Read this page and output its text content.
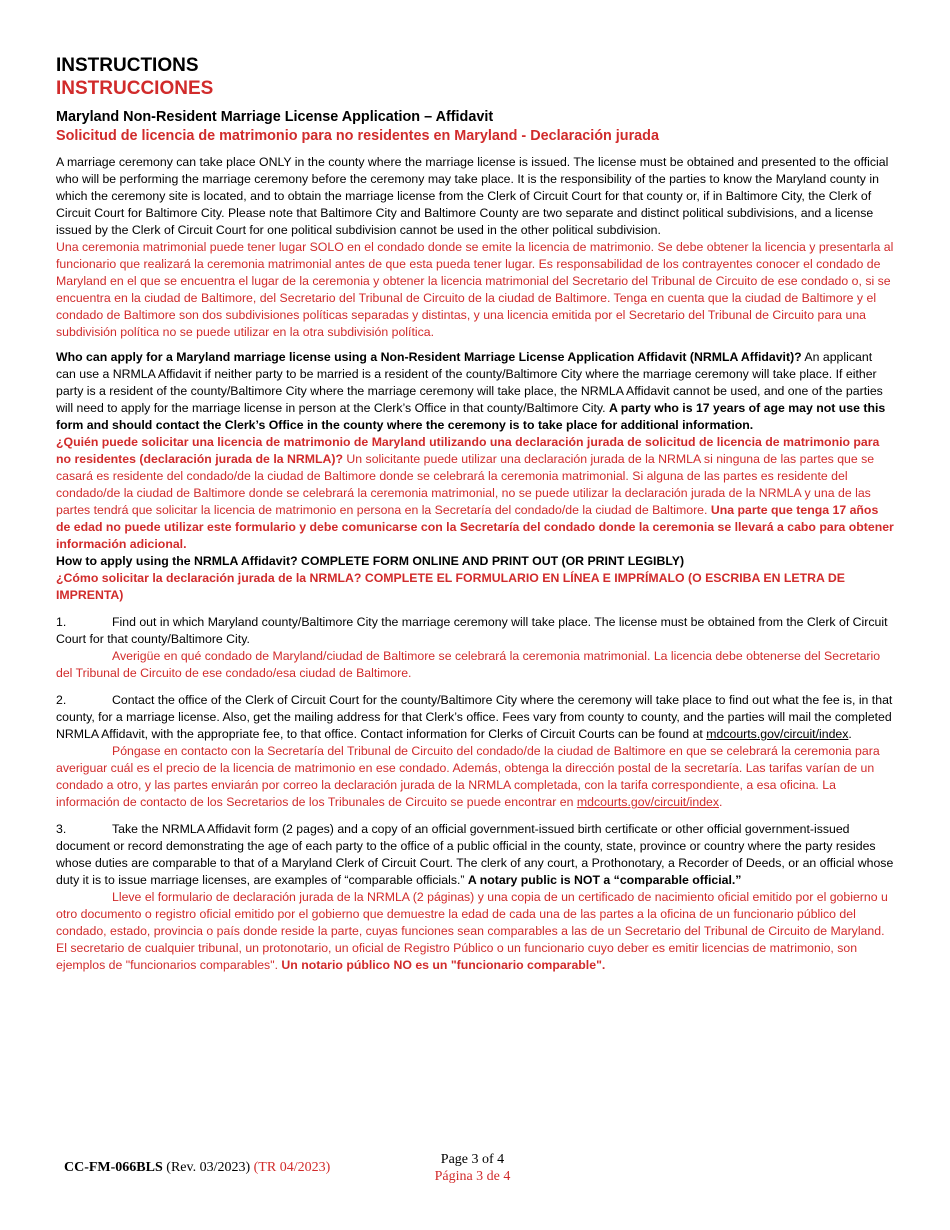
INSTRUCTIONS
INSTRUCCIONES
Maryland Non-Resident Marriage License Application – Affidavit
Solicitud de licencia de matrimonio para no residentes en Maryland - Declaración jurada

A marriage ceremony can take place ONLY in the county where the marriage license is issued. The license must be obtained and presented to the official who will be performing the marriage ceremony before the ceremony may take place. It is the responsibility of the parties to know the Maryland county in which the ceremony site is located, and to obtain the marriage license from the Clerk of Circuit Court for that county or, if in Baltimore City, the Clerk of Circuit Court for Baltimore City. Please note that Baltimore City and Baltimore County are two separate and distinct political subdivisions, and a license issued by the Clerk of Circuit Court for one political subdivision cannot be used in the other political subdivision.

Una ceremonia matrimonial puede tener lugar SOLO en el condado donde se emite la licencia de matrimonio. Se debe obtener la licencia y presentarla al funcionario que realizará la ceremonia matrimonial antes de que esta pueda tener lugar. Es responsabilidad de los contrayentes conocer el condado de Maryland en el que se encuentra el lugar de la ceremonia y obtener la licencia matrimonial del Secretario del Tribunal de Circuito de ese condado o, si se encuentra en la ciudad de Baltimore, del Secretario del Tribunal de Circuito de la ciudad de Baltimore. Tenga en cuenta que la ciudad de Baltimore y el condado de Baltimore son dos subdivisiones políticas separadas y distintas, y una licencia emitida por el Secretario del Tribunal de Circuito para una subdivisión política no se puede utilizar en la otra subdivisión política.

Who can apply for a Maryland marriage license using a Non-Resident Marriage License Application Affidavit (NRMLA Affidavit)? An applicant can use a NRMLA Affidavit if neither party to be married is a resident of the county/Baltimore City where the marriage ceremony will take place. If either party is a resident of the county/Baltimore City where the marriage ceremony will take place, the NRMLA Affidavit cannot be used, and one of the parties will need to apply for the marriage license in person at the Clerk’s Office in that county/Baltimore City. A party who is 17 years of age may not use this form and should contact the Clerk’s Office in the county where the ceremony is to take place for additional information.

¿Quién puede solicitar una licencia de matrimonio de Maryland utilizando una declaración jurada de solicitud de licencia de matrimonio para no residentes (declaración jurada de la NRMLA)? Un solicitante puede utilizar una declaración jurada de la NRMLA si ninguna de las partes que se casará es residente del condado/de la ciudad de Baltimore donde se celebrará la ceremonia matrimonial. Si alguna de las partes es residente del condado/de la ciudad de Baltimore donde se celebrará la ceremonia matrimonial, no se puede utilizar la declaración jurada de la NRMLA y una de las partes tendrá que solicitar la licencia de matrimonio en persona en la Secretaría del condado/de la ciudad de Baltimore. Una parte que tenga 17 años de edad no puede utilizar este formulario y debe comunicarse con la Secretaría del condado donde la ceremonia se llevará a cabo para obtener información adicional.

How to apply using the NRMLA Affidavit? COMPLETE FORM ONLINE AND PRINT OUT (OR PRINT LEGIBLY)

¿Cómo solicitar la declaración jurada de la NRMLA? COMPLETE EL FORMULARIO EN LÍNEA E IMPRÍMALO (O ESCRIBA EN LETRA DE IMPRENTA)

1.	Find out in which Maryland county/Baltimore City the marriage ceremony will take place. The license must be obtained from the Clerk of Circuit Court for that county/Baltimore City.

Averigüe en qué condado de Maryland/ciudad de Baltimore se celebrará la ceremonia matrimonial. La licencia debe obtenerse del Secretario del Tribunal de Circuito de ese condado/esa ciudad de Baltimore.

2.	Contact the office of the Clerk of Circuit Court for the county/Baltimore City where the ceremony will take place to find out what the fee is, in that county, for a marriage license. Also, get the mailing address for that Clerk’s office. Fees vary from county to county, and the parties will mail the completed NRMLA Affidavit, with the appropriate fee, to that office. Contact information for Clerks of Circuit Courts can be found at mdcourts.gov/circuit/index.

Póngase en contacto con la Secretaría del Tribunal de Circuito del condado/de la ciudad de Baltimore en que se celebrará la ceremonia para averiguar cuál es el precio de la licencia de matrimonio en ese condado. Además, obtenga la dirección postal de la secretaría. Las tarifas varían de un condado a otro, y las partes enviarán por correo la declaración jurada de la NRMLA completada, con la tarifa correspondiente, a esa oficina. La información de contacto de los Secretarios de los Tribunales de Circuito se puede encontrar en mdcourts.gov/circuit/index.

3.	Take the NRMLA Affidavit form (2 pages) and a copy of an official government-issued birth certificate or other official government-issued document or record demonstrating the age of each party to the office of a public official in the county, state, province or country where the party resides whose duties are comparable to that of a Maryland Clerk of Circuit Court. The clerk of any court, a Prothonotary, a Recorder of Deeds, or an official whose duty it is to issue marriage licenses, are examples of “comparable officials.” A notary public is NOT a “comparable official.”

Lleve el formulario de declaración jurada de la NRMLA (2 páginas) y una copia de un certificado de nacimiento oficial emitido por el gobierno u otro documento o registro oficial emitido por el gobierno que demuestre la edad de cada una de las partes a la oficina de un funcionario público del condado, estado, provincia o país donde reside la parte, cuyas funciones sean comparables a las de un Secretario del Tribunal de Circuito de Maryland. El secretario de cualquier tribunal, un protonotario, un oficial de Registro Público o un funcionario cuyo deber es emitir licencias de matrimonio, son ejemplos de "funcionarios comparables". Un notario público NO es un "funcionario comparable".

CC-FM-066BLS (Rev. 03/2023) (TR 04/2023)
Page 3 of 4
Página 3 de 4
